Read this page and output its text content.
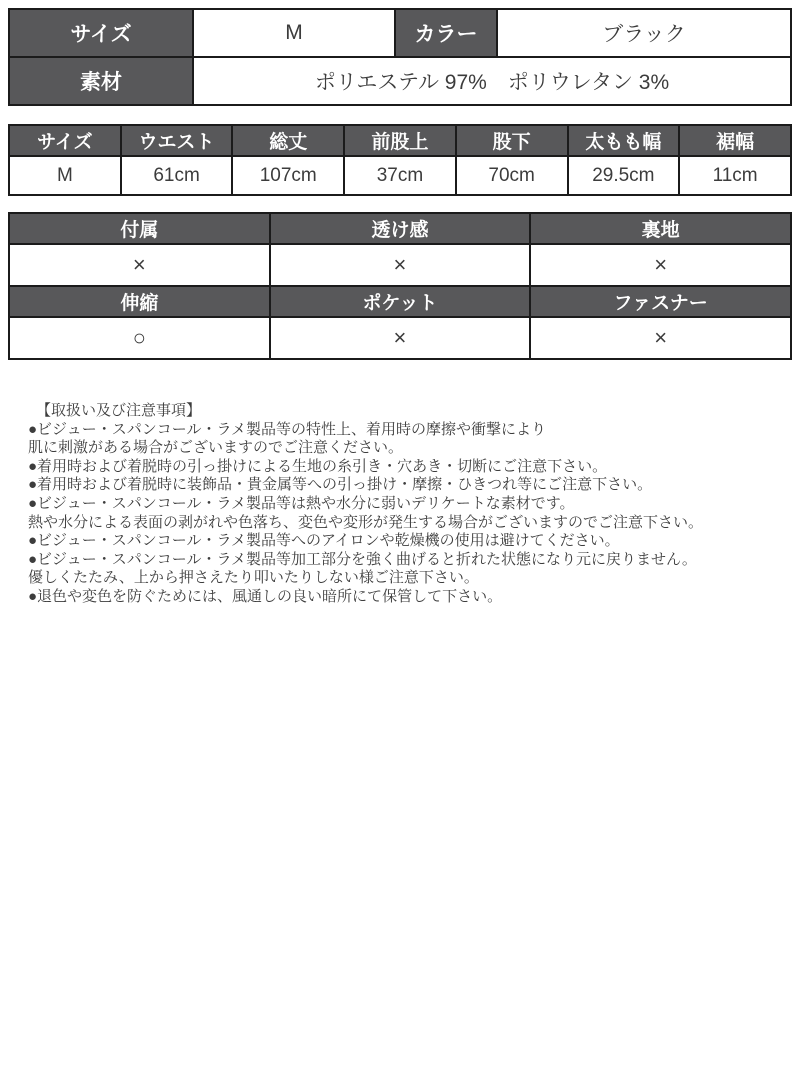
サイズ	M	カラー	ブラック
素材	ポリエステル 97%　ポリウレタン 3%		
サイズ	ウエスト	総丈	前股上	股下	太もも幅	裾幅
M	61cm	107cm	37cm	70cm	29.5cm	11cm
付属	透け感	裏地
×	×	×
伸縮	ポケット	ファスナー
○	×	×
【取扱い及び注意事項】
●ビジュー・スパンコール・ラメ製品等の特性上、着用時の摩擦や衝撃により
肌に刺激がある場合がございますのでご注意ください。
●着用時および着脱時の引っ掛けによる生地の糸引き・穴あき・切断にご注意下さい。
●着用時および着脱時に装飾品・貴金属等への引っ掛け・摩擦・ひきつれ等にご注意下さい。
●ビジュー・スパンコール・ラメ製品等は熱や水分に弱いデリケートな素材です。
熱や水分による表面の剥がれや色落ち、変色や変形が発生する場合がございますのでご注意下さい。
●ビジュー・スパンコール・ラメ製品等へのアイロンや乾燥機の使用は避けてください。
●ビジュー・スパンコール・ラメ製品等加工部分を強く曲げると折れた状態になり元に戻りません。
優しくたたみ、上から押さえたり叩いたりしない様ご注意下さい。
●退色や変色を防ぐためには、風通しの良い暗所にて保管して下さい。
